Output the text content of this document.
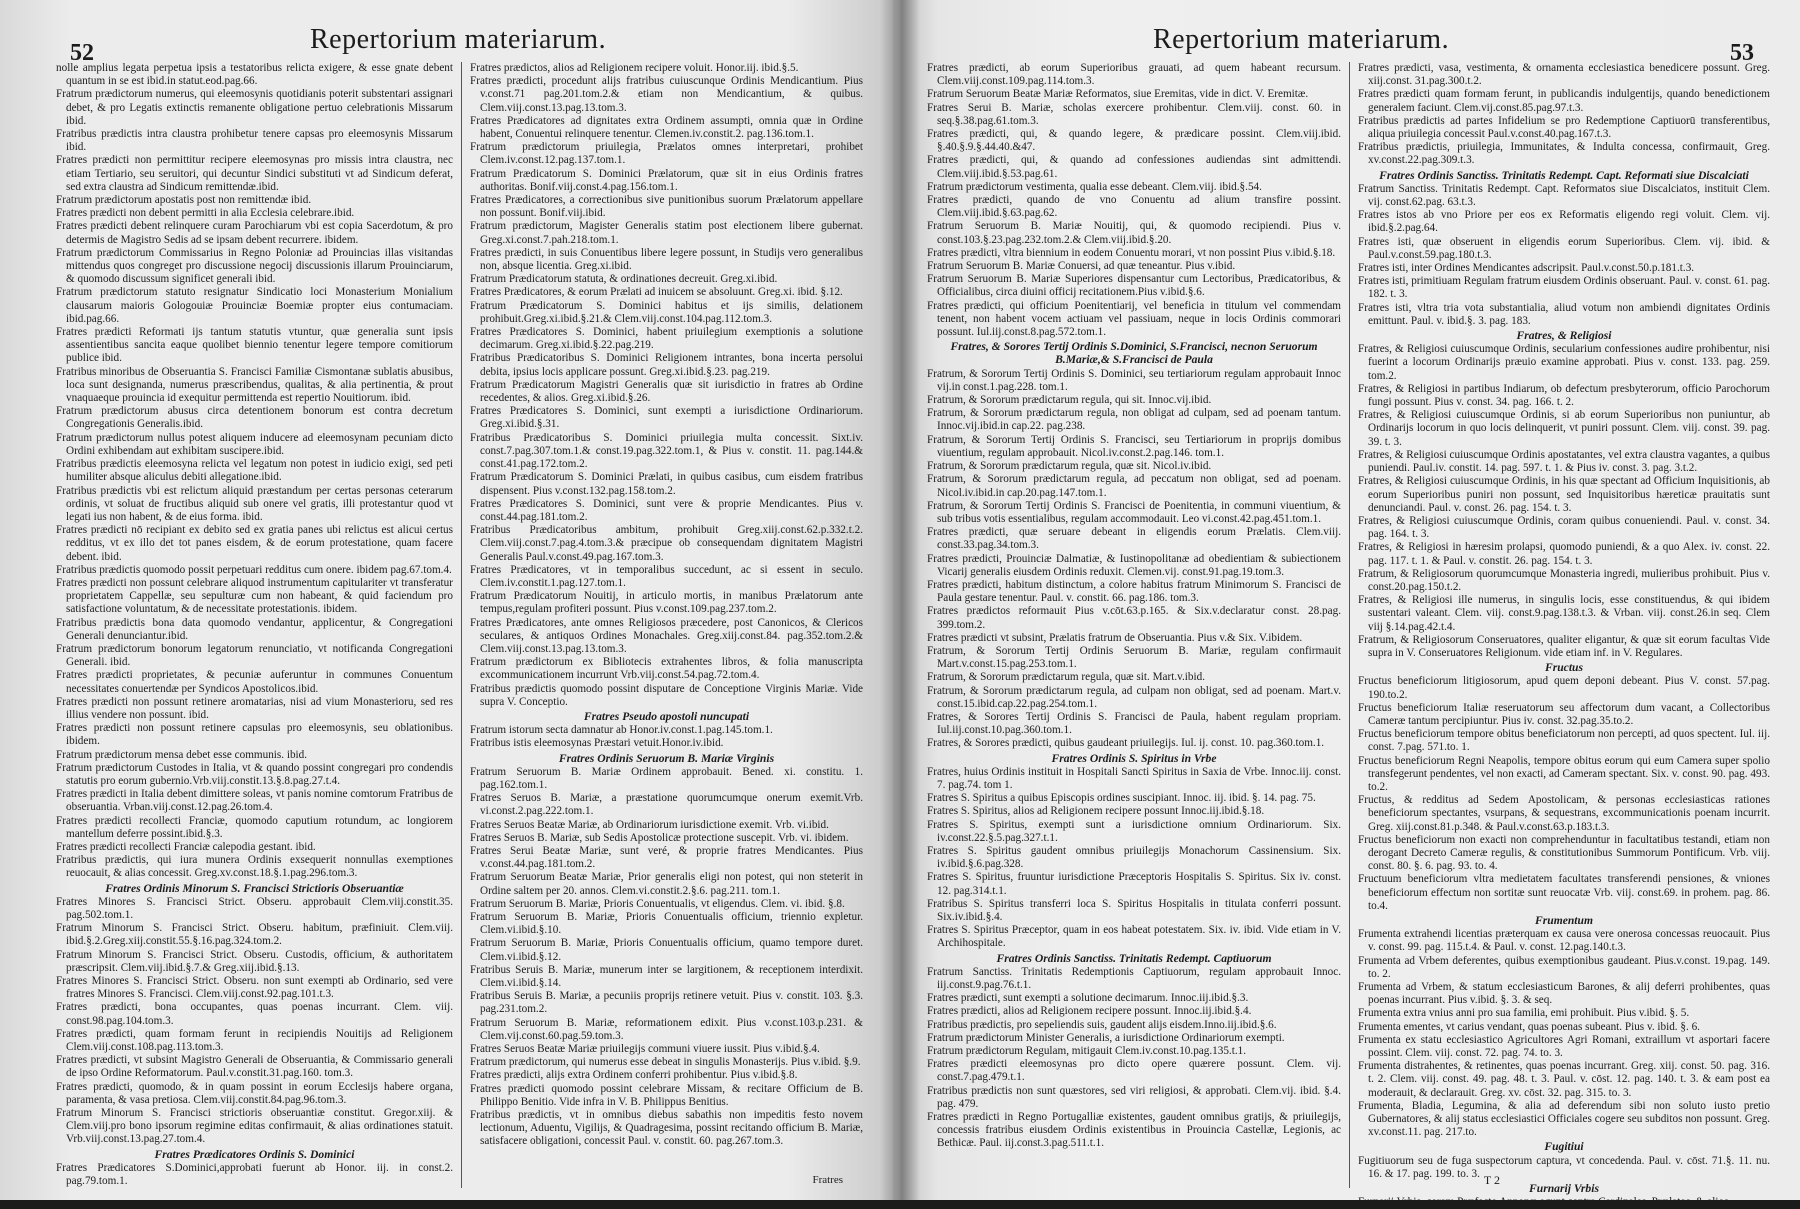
52	Repertorium materiarum.
nolle amplius legata perpetua ipsis a testatoribus relicta exigere, & esse gnate debent quantum in se est ibid.in statut.eod.pag.66.
Fratrum prædictorum numerus, qui eleemosynis quotidianis poterit substentari assignari debet, & pro Legatis extinctis remanente obligatione pertuo celebrationis Missarum ibid.
Fratribus prædictis intra claustra prohibetur tenere capsas pro eleemosynis Missarum ibid.
Fratres prædicti non permittitur recipere eleemosynas pro missis intra claustra, nec etiam Tertiario, seu seruitori, qui decuntur Sindici substituti vt ad Sindicum deferat, sed extra claustra ad Sindicum remittendæ.ibid.
Fratrum prædictorum apostatis post non remittendæ ibid.
Fratres prædicti non debent permitti in alia Ecclesia celebrare.ibid.
Fratres prædicti debent relinquere curam Parochiarum vbi est copia Sacerdotum, & pro determis de Magistro Sedis ad se ipsam debent recurrere. ibidem.
Fratrum prædictorum Commissarius in Regno Poloniæ ad Prouincias illas visitandas mittendus quos congreget pro discussione negocij discussionis illarum Prouinciarum, & quomodo discussum significet generali ibid.
Fratrum prædictorum statuto resignatur Sindicatio loci Monasterium Monialium clausarum maioris Gologouiæ Prouinciæ Boemiæ propter eius contumaciam. ibid.pag.66.
Fratres prædicti Reformati ijs tantum statutis vtuntur, quæ generalia sunt ipsis assentientibus sancita eaque quolibet biennio tenentur legere tempore comitiorum publice ibid.
Fratribus minoribus de Obseruantia S. Francisci Familiæ Cismontanæ sublatis abusibus, loca sunt designanda, numerus præscribendus, qualitas, & alia pertinentia, & prout vnaquaeque prouincia id exequitur permittenda est repertio Nouitiorum. ibid.
Fratrum prædictorum abusus circa detentionem bonorum est contra decretum Congregationis Generalis.ibid.
Fratrum prædictorum nullus potest aliquem inducere ad eleemosynam pecuniam dicto Ordini exhibendam aut exhibitam suscipere.ibid.
Fratribus prædictis eleemosyna relicta vel legatum non potest in iudicio exigi, sed peti humiliter absque aliculus debiti allegatione.ibid.
Fratribus prædictis vbi est relictum aliquid præstandum per certas personas ceterarum ordinis, vt soluat de fructibus aliquid sub onere vel gratis, illi protestantur quod vt legati ius non habent, & de eius forma. ibid.
Fratres prædicti nō recipiant ex debito sed ex gratia panes ubi relictus est alicui certus redditus, vt ex illo det tot panes eisdem, & de eorum protestatione, quam facere debent. ibid.
Fratribus prædictis quomodo possit perpetuari redditus cum onere. ibidem pag.67.tom.4.
Fratres prædicti non possunt celebrare aliquod instrumentum capitulariter vt transferatur proprietatem Cappellæ, seu sepulturæ cum non habeant, & quid faciendum pro satisfactione voluntatum, & de necessitate protestationis. ibidem.
Fratribus prædictis bona data quomodo vendantur, applicentur, & Congregationi Generali denunciantur.ibid.
Fratrum prædictorum bonorum legatorum renunciatio, vt notificanda Congregationi Generali. ibid.
Fratres prædicti proprietates, & pecuniæ auferuntur in communes Conuentum necessitates conuertendæ per Syndicos Apostolicos.ibid.
Fratres prædicti non possunt retinere aromatarias, nisi ad vium Monasterioru, sed res illius vendere non possunt. ibid.
Fratres prædicti non possunt retinere capsulas pro eleemosynis, seu oblationibus. ibidem.
Fratrum prædictorum mensa debet esse communis. ibid.
Fratrum prædictorum Custodes in Italia, vt & quando possint congregari pro condendis statutis pro eorum gubernio.Vrb.viij.constit.13.§.8.pag.27.t.4.
Fratres prædicti in Italia debent dimittere soleas, vt panis nomine comtorum Fratribus de obseruantia. Vrban.viij.const.12.pag.26.tom.4.
Fratres prædicti recollecti Franciæ, quomodo caputium rotundum, ac longiorem mantellum deferre possint.ibid.§.3.
Fratres prædicti recollecti Franciæ calepodia gestant. ibid.
Fratribus prædictis, qui iura munera Ordinis exsequerit nonnullas exemptiones reuocauit, & alias concessit. Greg.xv.const.18.§.1.pag.296.tom.3.
Fratres Ordinis Minorum S. Francisci Strictioris Obseruantiæ
Fratres Minores S. Francisci Strict. Obseru. approbauit Clem.viij.constit.35. pag.502.tom.1.
Fratrum Minorum S. Francisci Strict. Obseru. habitum, præfiniuit. Clem.viij. ibid.§.2.Greg.xiij.constit.55.§.16.pag.324.tom.2.
Fratrum Minorum S. Francisci Strict. Obseru. Custodis, officium, & authoritatem præscripsit. Clem.viij.ibid.§.7.& Greg.xiij.ibid.§.13.
Fratres Minores S. Francisci Strict. Obseru. non sunt exempti ab Ordinario, sed vere fratres Minores S. Francisci. Clem.viij.const.92.pag.101.t.3.
Fratres prædicti, bona occupantes, quas poenas incurrant. Clem. viij. const.98.pag.104.tom.3.
Fratres prædicti, quam formam ferunt in recipiendis Nouitijs ad Religionem Clem.viij.const.108.pag.113.tom.3.
Fratres prædicti, vt subsint Magistro Generali de Obseruantia, & Commissario generali de ipso Ordine Reformatorum. Paul.v.constit.31.pag.160. tom.3.
Fratres prædicti, quomodo, & in quam possint in eorum Ecclesijs habere organa, paramenta, & vasa pretiosa. Clem.viij.constit.84.pag.96.tom.3.
Fratrum Minorum S. Francisci strictioris obseruantiæ constitut. Gregor.xiij. & Clem.viij.pro bono ipsorum regimine editas confirmauit, & alias ordinationes statuit. Vrb.viij.const.13.pag.27.tom.4.
Fratres Prædicatores Ordinis S. Dominici
Fratres Prædicatores S.Dominici,approbati fuerunt ab Honor. iij. in const.2. pag.79.tom.1.
Fratres prædictos, alios ad Religionem recipere voluit. Honor.iij. ibid.§.5.
Fratres prædicti, procedunt alijs fratribus cuiuscunque Ordinis Mendicantium. Pius v.const.71 pag.201.tom.2.& etiam non Mendicantium, & quibus. Clem.viij.const.13.pag.13.tom.3.
Fratres Prædicatores ad dignitates extra Ordinem assumpti, omnia quæ in Ordine habent, Conuentui relinquere tenentur. Clemen.iv.constit.2. pag.136.tom.1.
Fratrum prædictorum priuilegia, Prælatos omnes interpretari, prohibet Clem.iv.const.12.pag.137.tom.1.
Fratrum Prædicatorum S. Dominici Prælatorum, quæ sit in eius Ordinis fratres authoritas. Bonif.viij.const.4.pag.156.tom.1.
Fratres Prædicatores, a correctionibus sive punitionibus suorum Prælatorum appellare non possunt. Bonif.viij.ibid.
Fratrum prædictorum, Magister Generalis statim post electionem libere gubernat. Greg.xi.const.7.pah.218.tom.1.
Fratres prædicti, in suis Conuentibus libere legere possunt, in Studijs vero generalibus non, absque licentia. Greg.xi.ibid.
Fratrum Prædicatorum statuta, & ordinationes decreuit. Greg.xi.ibid.
Fratres Prædicatores, & eorum Prælati ad inuicem se absoluunt. Greg.xi. ibid. §.12.
Fratrum Prædicatorum S. Dominici habitus et ijs similis, delationem prohibuit.Greg.xi.ibid.§.21.& Clem.viij.const.104.pag.112.tom.3.
Fratres Prædicatores S. Dominici, habent priuilegium exemptionis a solutione decimarum. Greg.xi.ibid.§.22.pag.219.
Fratribus Prædicatoribus S. Dominici Religionem intrantes, bona incerta persolui debita, ipsius locis applicare possunt. Greg.xi.ibid.§.23. pag.219.
Fratrum Prædicatorum Magistri Generalis quæ sit iurisdictio in fratres ab Ordine recedentes, & alios. Greg.xi.ibid.§.26.
Fratres Prædicatores S. Dominici, sunt exempti a iurisdictione Ordinariorum. Greg.xi.ibid.§.31.
Fratribus Prædicatoribus S. Dominici priuilegia multa concessit. Sixt.iv. const.7.pag.307.tom.1.& const.19.pag.322.tom.1, & Pius v. constit. 11. pag.144.& const.41.pag.172.tom.2.
Fratrum Prædicatorum S. Dominici Prælati, in quibus casibus, cum eisdem fratribus dispensent. Pius v.const.132.pag.158.tom.2.
Fratres Prædicatores S. Dominici, sunt vere & proprie Mendicantes. Pius v. const.44.pag.181.tom.2.
Fratribus Prædicatoribus ambitum, prohibuit Greg.xiij.const.62.p.332.t.2. Clem.viij.const.7.pag.4.tom.3.& præcipue ob consequendam dignitatem Magistri Generalis Paul.v.const.49.pag.167.tom.3.
Fratres Prædicatores, vt in temporalibus succedunt, ac si essent in seculo. Clem.iv.constit.1.pag.127.tom.1.
Fratrum Prædicatorum Nouitij, in articulo mortis, in manibus Prælatorum ante tempus,regulam profiteri possunt. Pius v.const.109.pag.237.tom.2.
Fratres Prædicatores, ante omnes Religiosos præcedere, post Canonicos, & Clericos seculares, & antiquos Ordines Monachales. Greg.xiij.const.84. pag.352.tom.2.& Clem.viij.const.13.pag.13.tom.3.
Fratrum prædictorum ex Bibliotecis extrahentes libros, & folia manuscripta excommunicationem incurrunt Vrb.viij.const.54.pag.72.tom.4.
Fratribus prædictis quomodo possint disputare de Conceptione Virginis Mariæ. Vide supra V. Conceptio.
Fratres Pseudo apostoli nuncupati
Fratrum istorum secta damnatur ab Honor.iv.const.1.pag.145.tom.1.
Fratribus istis eleemosynas Præstari vetuit.Honor.iv.ibid.
Fratres Ordinis Seruorum B. Mariæ Virginis
Fratrum Seruorum B. Mariæ Ordinem approbauit. Bened. xi. constitu. 1. pag.162.tom.1.
Fratres Seruos B. Mariæ, a præstatione quorumcumque onerum exemit.Vrb. vi.const.2.pag.222.tom.1.
Fratres Seruos Beatæ Mariæ, ab Ordinariorum iurisdictione exemit. Vrb. vi.ibid.
Fratres Seruos B. Mariæ, sub Sedis Apostolicæ protectione suscepit. Vrb. vi. ibidem.
Fratres Serui Beatæ Mariæ, sunt veré, & proprie fratres Mendicantes. Pius v.const.44.pag.181.tom.2.
Fratrum Seruorum Beatæ Mariæ, Prior generalis eligi non potest, qui non steterit in Ordine saltem per 20. annos. Clem.vi.constit.2.§.6. pag.211. tom.1.
Fratrum Seruorum B. Mariæ, Prioris Conuentualis, vt eligendus. Clem. vi. ibid. §.8.
Fratrum Seruorum B. Mariæ, Prioris Conuentualis officium, triennio expletur. Clem.vi.ibid.§.10.
Fratrum Seruorum B. Mariæ, Prioris Conuentualis officium, quamo tempore duret. Clem.vi.ibid.§.12.
Fratribus Seruis B. Mariæ, munerum inter se largitionem, & receptionem interdixit. Clem.vi.ibid.§.14.
Fratribus Seruis B. Mariæ, a pecuniis proprijs retinere vetuit. Pius v. constit. 103. §.3. pag.231.tom.2.
Fratrum Seruorum B. Mariæ, reformationem edixit. Pius v.const.103.p.231. & Clem.vij.const.60.pag.59.tom.3.
Fratres Seruos Beatæ Mariæ priuilegijs communi viuere iussit. Pius v.ibid.§.4.
Fratrum prædictorum, qui numerus esse debeat in singulis Monasterijs. Pius v.ibid. §.9.
Fratres prædicti, alijs extra Ordinem conferri prohibentur. Pius v.ibid.§.8.
Fratres prædicti quomodo possint celebrare Missam, & recitare Officium de B. Philippo Benitio. Vide infra in V. B. Philippus Benitius.
Fratribus prædictis, vt in omnibus diebus sabathis non impeditis festo novem lectionum, Aduentu, Vigilijs, & Quadragesima, possint recitando officium B. Mariæ, satisfacere obligationi, concessit Paul. v. constit. 60. pag.267.tom.3.
Fratres
Repertorium materiarum.	53
Fratres prædicti, ab eorum Superioribus grauati, ad quem habeant recursum. Clem.viij.const.109.pag.114.tom.3.
Fratrum Seruorum Beatæ Mariæ Reformatos, siue Eremitas, vide in dict. V. Eremitæ.
Fratres Serui B. Mariæ, scholas exercere prohibentur. Clem.viij. const. 60. in seq.§.38.pag.61.tom.3.
Fratres prædicti, qui, & quando legere, & prædicare possint. Clem.viij.ibid. §.40.§.9.§.44.40.&47.
Fratres prædicti, qui, & quando ad confessiones audiendas sint admittendi. Clem.viij.ibid.§.53.pag.61.
Fratrum prædictorum vestimenta, qualia esse debeant. Clem.viij. ibid.§.54.
Fratres prædicti, quando de vno Conuentu ad alium transfire possint. Clem.viij.ibid.§.63.pag.62.
Fratrum Seruorum B. Mariæ Nouitij, qui, & quomodo recipiendi. Pius v. const.103.§.23.pag.232.tom.2.& Clem.viij.ibid.§.20.
Fratres prædicti, vltra biennium in eodem Conuentu morari, vt non possint Pius v.ibid.§.18.
Fratrum Seruorum B. Mariæ Conuersi, ad quæ teneantur. Pius v.ibid.
Fratrum Seruorum B. Mariæ Superiores dispensantur cum Lectoribus, Prædicatoribus, & Officialibus, circa diuini officij recitationem.Pius v.ibid.§.6.
Fratres prædicti, qui officium Poenitentiarij, vel beneficia in titulum vel commendam tenent, non habent vocem actiuam vel passiuam, neque in locis Ordinis commorari possunt. Iul.iij.const.8.pag.572.tom.1.
Fratres, & Sorores Tertij Ordinis S.Dominici, S.Francisci, necnon Seruorum B.Mariæ,& S.Francisci de Paula
Fratrum, & Sororum Tertij Ordinis S. Dominici, seu tertiariorum regulam approbauit Innoc vij.in const.1.pag.228. tom.1.
Fratrum, & Sororum prædictarum regula, qui sit. Innoc.vij.ibid.
Fratrum, & Sororum prædictarum regula, non obligat ad culpam, sed ad poenam tantum. Innoc.vij.ibid.in cap.22. pag.238.
Fratrum, & Sororum Tertij Ordinis S. Francisci, seu Tertiariorum in proprijs domibus viuentium, regulam approbauit. Nicol.iv.const.2.pag.146. tom.1.
Fratrum, & Sororum prædictarum regula, quæ sit. Nicol.iv.ibid.
Fratrum, & Sororum prædictarum regula, ad peccatum non obligat, sed ad poenam. Nicol.iv.ibid.in cap.20.pag.147.tom.1.
Fratrum, & Sororum Tertij Ordinis S. Francisci de Poenitentia, in communi viuentium, & sub tribus votis essentialibus, regulam accommodauit. Leo vi.const.42.pag.451.tom.1.
Fratres prædicti, quæ seruare debeant in eligendis eorum Prælatis. Clem.viij. const.33.pag.34.tom.3.
Fratres prædicti, Prouinciæ Dalmatiæ, & Iustinopolitanæ ad obedientiam & subiectionem Vicarij generalis eiusdem Ordinis reduxit. Clemen.vij. const.91.pag.19.tom.3.
Fratres prædicti, habitum distinctum, a colore habitus fratrum Minimorum S. Francisci de Paula gestare tenentur. Paul. v. constit. 66. pag.186. tom.3.
Fratres prædictos reformauit Pius v.cōt.63.p.165. & Six.v.declaratur const. 28.pag. 399.tom.2.
Fratres prædicti vt subsint, Prælatis fratrum de Obseruantia. Pius v.& Six. V.ibidem.
Fratrum, & Sororum Tertij Ordinis Seruorum B. Mariæ, regulam confirmauit Mart.v.const.15.pag.253.tom.1.
Fratrum, & Sororum prædictarum regula, quæ sit. Mart.v.ibid.
Fratrum, & Sororum prædictarum regula, ad culpam non obligat, sed ad poenam. Mart.v. const.15.ibid.cap.22.pag.254.tom.1.
Fratres, & Sorores Tertij Ordinis S. Francisci de Paula, habent regulam propriam. Iul.iij.const.10.pag.360.tom.1.
Fratres, & Sorores prædicti, quibus gaudeant priuilegijs. Iul. ij. const. 10. pag.360.tom.1.
Fratres Ordinis S. Spiritus in Vrbe
Fratres, huius Ordinis instituit in Hospitali Sancti Spiritus in Saxia de Vrbe. Innoc.iij. const. 7. pag.74. tom 1.
Fratres S. Spiritus a quibus Episcopis ordines suscipiant. Innoc. iij. ibid. §. 14. pag. 75.
Fratres S. Spiritus, alios ad Religionem recipere possunt Innoc.iij.ibid.§.18.
Fratres S. Spiritus, exempti sunt a iurisdictione omnium Ordinariorum. Six. iv.const.22.§.5.pag.327.t.1.
Fratres S. Spiritus gaudent omnibus priuilegijs Monachorum Cassinensium. Six. iv.ibid.§.6.pag.328.
Fratres S. Spiritus, fruuntur iurisdictione Præceptoris Hospitalis S. Spiritus. Six iv. const. 12. pag.314.t.1.
Fratribus S. Spiritus transferri loca S. Spiritus Hospitalis in titulata conferri possunt. Six.iv.ibid.§.4.
Fratres S. Spiritus Præceptor, quam in eos habeat potestatem. Six. iv. ibid. Vide etiam in V. Archihospitale.
Fratres Ordinis Sanctiss. Trinitatis Redempt. Captiuorum
Fratrum Sanctiss. Trinitatis Redemptionis Captiuorum, regulam approbauit Innoc. iij.const.9.pag.76.t.1.
Fratres prædicti, sunt exempti a solutione decimarum. Innoc.iij.ibid.§.3.
Fratres prædicti, alios ad Religionem recipere possunt. Innoc.iij.ibid.§.4.
Fratribus prædictis, pro sepeliendis suis, gaudent alijs eisdem.Inno.iij.ibid.§.6.
Fratrum prædictorum Minister Generalis, a iurisdictione Ordinariorum exempti.
Fratrum prædictorum Regulam, mitigauit Clem.iv.const.10.pag.135.t.1.
Fratres prædicti eleemosynas pro dicto opere quærere possunt. Clem. vij. const.7.pag.479.t.1.
Fratribus prædictis non sunt quæstores, sed viri religiosi, & approbati. Clem.vij. ibid. §.4. pag. 479.
Fratres prædicti in Regno Portugalliæ existentes, gaudent omnibus gratijs, & priuilegijs, concessis fratribus eiusdem Ordinis existentibus in Prouincia Castellæ, Legionis, ac Bethicæ. Paul. iij.const.3.pag.511.t.1.
Fratres prædicti, vasa, vestimenta, & ornamenta ecclesiastica benedicere possunt. Greg. xiij.const. 31.pag.300.t.2.
Fratres prædicti quam formam ferunt, in publicandis indulgentijs, quando benedictionem generalem faciunt. Clem.vij.const.85.pag.97.t.3.
Fratribus prædictis ad partes Infidelium se pro Redemptione Captiuorū transferentibus, aliqua priuilegia concessit Paul.v.const.40.pag.167.t.3.
Fratribus prædictis, priuilegia, Immunitates, & Indulta concessa, confirmauit, Greg. xv.const.22.pag.309.t.3.
Fratres Ordinis Sanctiss. Trinitatis Redempt. Capt. Reformati siue Discalciati
Fratrum Sanctiss. Trinitatis Redempt. Capt. Reformatos siue Discalciatos, instituit Clem. vij. const.62.pag. 63.t.3.
Fratres istos ab vno Priore per eos ex Reformatis eligendo regi voluit. Clem. vij. ibid.§.2.pag.64.
Fratres isti, quæ obseruent in eligendis eorum Superioribus. Clem. vij. ibid. & Paul.v.const.59.pag.180.t.3.
Fratres isti, inter Ordines Mendicantes adscripsit. Paul.v.const.50.p.181.t.3.
Fratres isti, primitiuam Regulam fratrum eiusdem Ordinis obseruant. Paul. v. const. 61. pag. 182. t. 3.
Fratres isti, vltra tria vota substantialia, aliud votum non ambiendi dignitates Ordinis emittunt. Paul. v. ibid.§. 3. pag. 183.
Fratres, & Religiosi
Fratres, & Religiosi cuiuscumque Ordinis, secularium confessiones audire prohibentur, nisi fuerint a locorum Ordinarijs præuio examine approbati. Pius v. const. 133. pag. 259. tom.2.
Fratres, & Religiosi in partibus Indiarum, ob defectum presbyterorum, officio Parochorum fungi possunt. Pius v. const. 34. pag. 166. t. 2.
Fratres, & Religiosi cuiuscumque Ordinis, si ab eorum Superioribus non puniuntur, ab Ordinarijs locorum in quo locis delinquerit, vt puniri possunt. Clem. viij. const. 39. pag. 39. t. 3.
Fratres, & Religiosi cuiuscumque Ordinis apostatantes, vel extra claustra vagantes, a quibus puniendi. Paul.iv. constit. 14. pag. 597. t. 1. & Pius iv. const. 3. pag. 3.t.2.
Fratres, & Religiosi cuiuscumque Ordinis, in his quæ spectant ad Officium Inquisitionis, ab eorum Superioribus puniri non possunt, sed Inquisitoribus hæreticæ prauitatis sunt denunciandi. Paul. v. const. 26. pag. 154. t. 3.
Fratres, & Religiosi cuiuscumque Ordinis, coram quibus conueniendi. Paul. v. const. 34. pag. 164. t. 3.
Fratres, & Religiosi in hæresim prolapsi, quomodo puniendi, & a quo Alex. iv. const. 22. pag. 117. t. 1. & Paul. v. constit. 26. pag. 154. t. 3.
Fratrum, & Religiosorum quorumcumque Monasteria ingredi, mulieribus prohibuit. Pius v. const.20.pag.150.t.2.
Fratres, & Religiosi ille numerus, in singulis locis, esse constituendus, & qui ibidem sustentari valeant. Clem. viij. const.9.pag.138.t.3. & Vrban. viij. const.26.in seq. Clem viij §.14.pag.42.t.4.
Fratrum, & Religiosorum Conseruatores, qualiter eligantur, & quæ sit eorum facultas Vide supra in V. Conseruatores Religionum. vide etiam inf. in V. Regulares.
Fructus
Fructus beneficiorum litigiosorum, apud quem deponi debeant. Pius V. const. 57.pag. 190.to.2.
Fructus beneficiorum Italiæ reseruatorum seu affectorum dum vacant, a Collectoribus Cameræ tantum percipiuntur. Pius iv. const. 32.pag.35.to.2.
Fructus beneficiorum tempore obitus beneficiatorum non percepti, ad quos spectent. Iul. iij. const. 7.pag. 571.to. 1.
Fructus beneficiorum Regni Neapolis, tempore obitus eorum qui eum Camera super spolio transfegerunt pendentes, vel non exacti, ad Cameram spectant. Six. v. const. 90. pag. 493. to.2.
Fructus, & redditus ad Sedem Apostolicam, & personas ecclesiasticas rationes beneficiorum spectantes, vsurpans, & sequestrans, excommunicationis poenam incurrit. Greg. xiij.const.81.p.348. & Paul.v.const.63.p.183.t.3.
Fructus beneficiorum non exacti non comprehenduntur in facultatibus testandi, etiam non derogant Decreto Cameræ regulis, & constitutionibus Summorum Pontificum. Vrb. viij. const. 80. §. 6. pag. 93. to. 4.
Fructuum beneficiorum vltra medietatem facultates transferendi pensiones, & vniones beneficiorum effectum non sortitæ sunt reuocatæ Vrb. viij. const.69. in prohem. pag. 86. to.4.
Frumentum
Frumenta extrahendi licentias præterquam ex causa vere onerosa concessas reuocauit. Pius v. const. 99. pag. 115.t.4. & Paul. v. const. 12.pag.140.t.3.
Frumenta ad Vrbem deferentes, quibus exemptionibus gaudeant. Pius.v.const. 19.pag. 149. to. 2.
Frumenta ad Vrbem, & statum ecclesiasticum Barones, & alij deferri prohibentes, quas poenas incurrant. Pius v.ibid. §. 3. & seq.
Frumenta extra vnius anni pro sua familia, emi prohibuit. Pius v.ibid. §. 5.
Frumenta ementes, vt carius vendant, quas poenas subeant. Pius v. ibid. §. 6.
Frumenta ex statu ecclesiastico Agricultores Agri Romani, extraillum vt asportari facere possint. Clem. viij. const. 72. pag. 74. to. 3.
Frumenta distrahentes, & retinentes, quas poenas incurrant. Greg. xiij. const. 50. pag. 316. t. 2. Clem. viij. const. 49. pag. 48. t. 3. Paul. v. cōst. 12. pag. 140. t. 3. & eam post ea moderauit, & declarauit. Greg. xv. cōst. 32. pag. 315. to. 3.
Frumenta, Bladia, Legumina, & alia ad deferendum sibi non soluto iusto pretio Gubernatores, & alij status ecclesiastici Officiales cogere seu subditos non possunt. Greg. xv.const.11. pag. 217.to.
Fugitiui
Fugitiuorum seu de fuga suspectorum captura, vt concedenda. Paul. v. cōst. 71.§. 11. nu. 16. & 17. pag. 199. to. 3.
Furnarij Vrbis
Furnarij Vrbis, coram Præfecto Annonæ agunt contra Cardinales, Prælatos, & alios
T 2
